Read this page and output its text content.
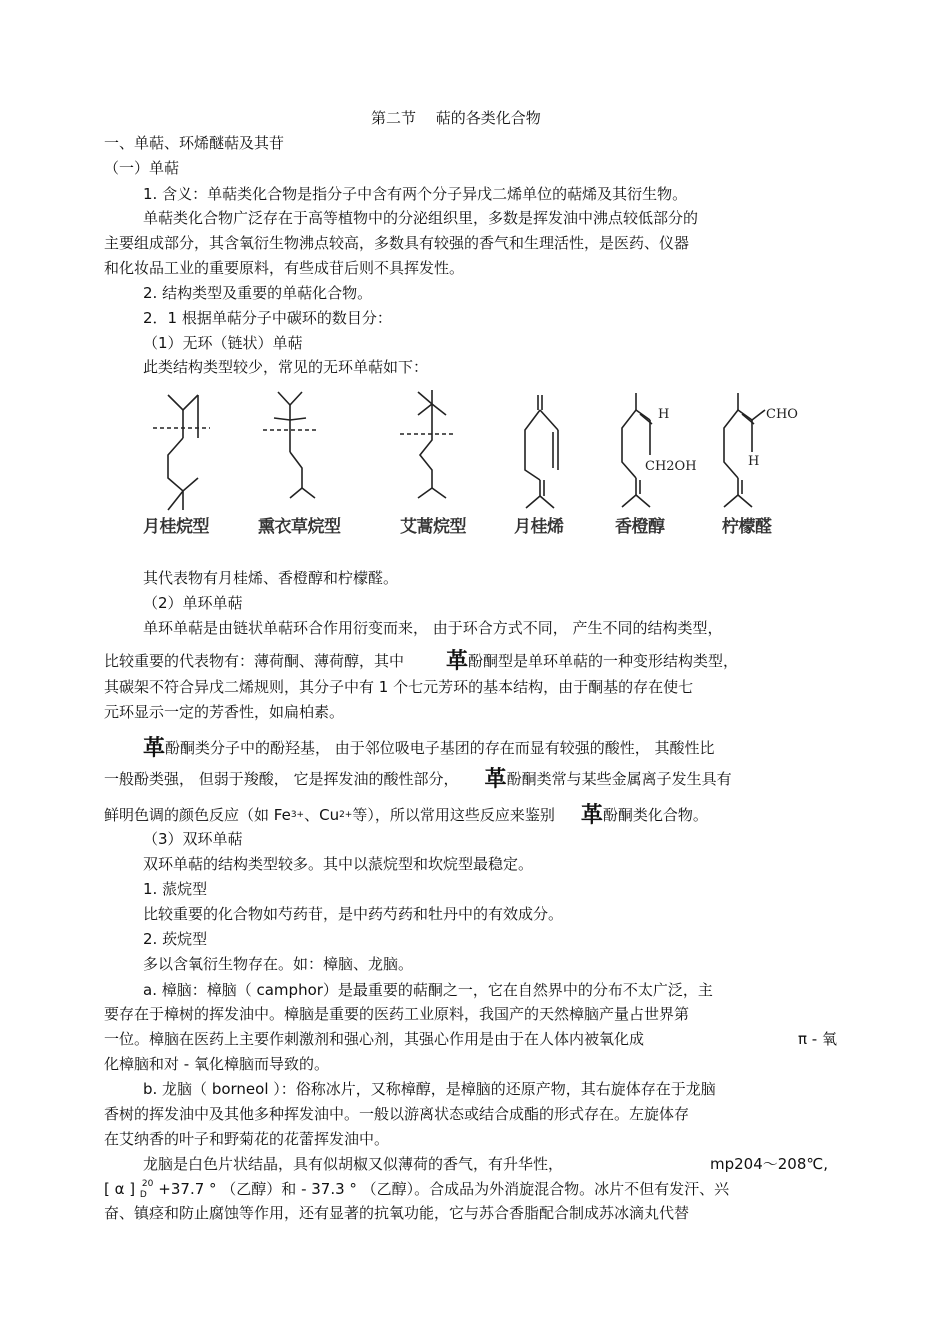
第二节　 萜的各类化合物
一、单萜、环烯醚萜及其苷
（一）单萜
1. 含义：单萜类化合物是指分子中含有两个分子异戊二烯单位的萜烯及其衍生物。
单萜类化合物广泛存在于高等植物中的分泌组织里，多数是挥发油中沸点较低部分的
主要组成部分，其含氧衍生物沸点较高，多数具有较强的香气和生理活性，是医药、仪器
和化妆品工业的重要原料，有些成苷后则不具挥发性。
2. 结构类型及重要的单萜化合物。
2．1 根据单萜分子中碳环的数目分：
（1）无环（链状）单萜
此类结构类型较少，常见的无环单萜如下：
H
CH2OH
CHO
H
月桂烷型	熏衣草烷型	艾蒿烷型	月桂烯	香橙醇	柠檬醛
其代表物有月桂烯、香橙醇和柠檬醛。
（2）单环单萜
单环单萜是由链状单萜环合作用衍变而来， 由于环合方式不同， 产生不同的结构类型，
比较重要的代表物有：薄荷酮、薄荷醇，其中 革酚酮型是单环单萜的一种变形结构类型，
其碳架不符合异戊二烯规则，其分子中有 1 个七元芳环的基本结构，由于酮基的存在使七
元环显示一定的芳香性，如扁柏素。
革酚酮类分子中的酚羟基， 由于邻位吸电子基团的存在而显有较强的酸性， 其酸性比
一般酚类强， 但弱于羧酸， 它是挥发油的酸性部分， 革酚酮类常与某些金属离子发生具有
鲜明色调的颜色反应（如 $Fe^{3+}$、$Cu^{2+}$等），所以常用这些反应来鉴别 革酚酮类化合物。
（3）双环单萜
双环单萜的结构类型较多。其中以蒎烷型和坎烷型最稳定。
1. 蒎烷型
比较重要的化合物如芍药苷，是中药芍药和牡丹中的有效成分。
2. 莰烷型
多以含氧衍生物存在。如：樟脑、龙脑。
a. 樟脑：樟脑（ camphor）是最重要的萜酮之一，它在自然界中的分布不太广泛，主
要存在于樟树的挥发油中。樟脑是重要的医药工业原料，我国产的天然樟脑产量占世界第
一位。樟脑在医药上主要作刺激剂和强心剂，其强心作用是由于在人体内被氧化成	π - 氧
化樟脑和对 - 氧化樟脑而导致的。
b. 龙脑（ borneol ）：俗称冰片，又称樟醇，是樟脑的还原产物，其右旋体存在于龙脑
香树的挥发油中及其他多种挥发油中。一般以游离状态或结合成酯的形式存在。左旋体存
在艾纳香的叶子和野菊花的花蕾挥发油中。
龙脑是白色片状结晶，具有似胡椒又似薄荷的香气，有升华性，	mp204～208℃,
[ α ] $_D^{20}$ +37.7 ° （乙醇）和 - 37.3 ° （乙醇）。合成品为外消旋混合物。冰片不但有发汗、兴
奋、镇痉和防止腐蚀等作用，还有显著的抗氧功能，它与苏合香脂配合制成苏冰滴丸代替
